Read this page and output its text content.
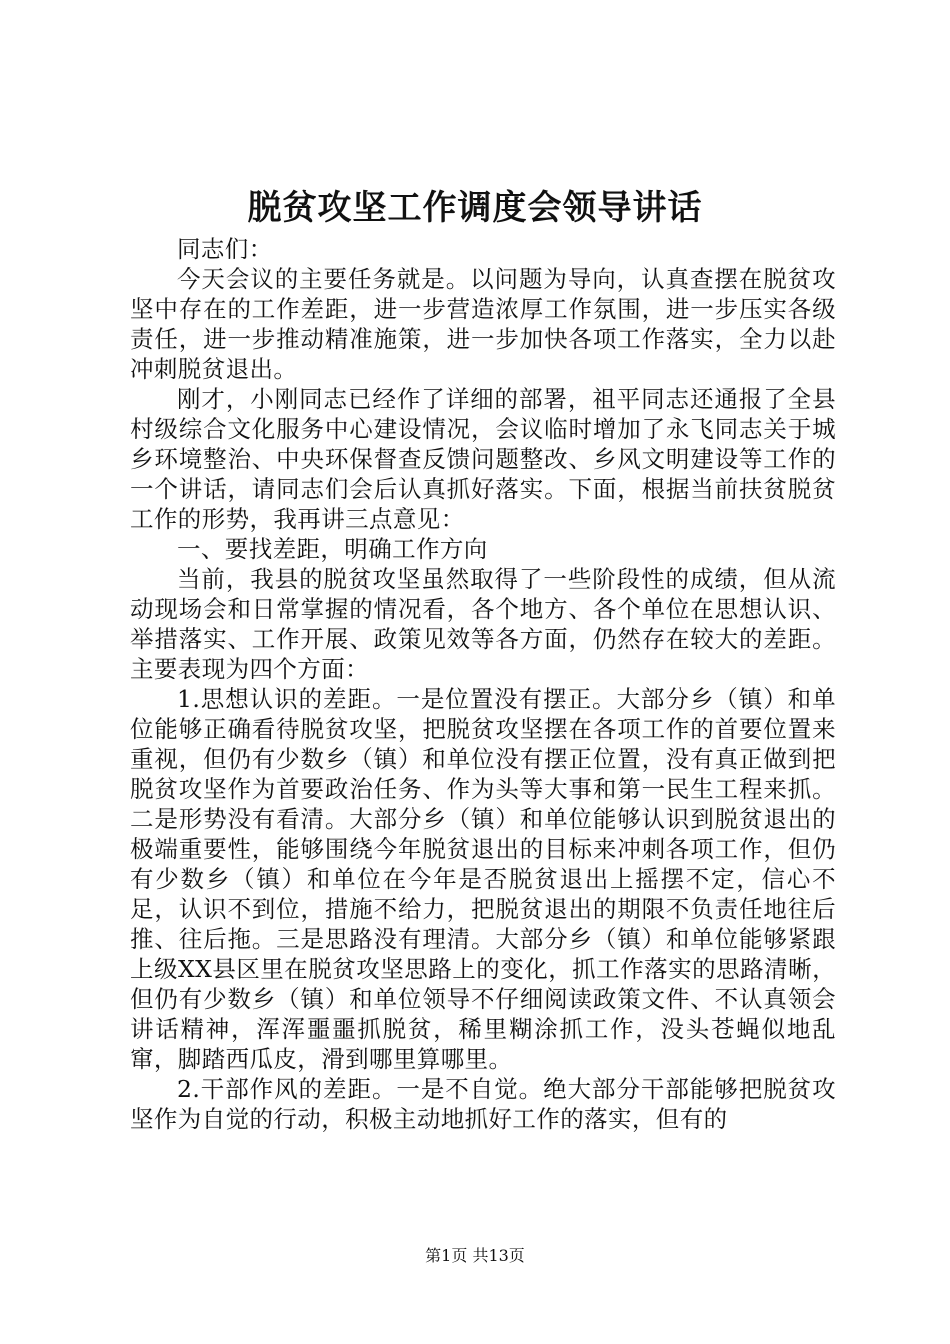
脱贫攻坚工作调度会领导讲话

同志们：

今天会议的主要任务就是。以问题为导向，认真查摆在脱贫攻坚中存在的工作差距，进一步营造浓厚工作氛围，进一步压实各级责任，进一步推动精准施策，进一步加快各项工作落实，全力以赴冲刺脱贫退出。

刚才，小刚同志已经作了详细的部署，祖平同志还通报了全县村级综合文化服务中心建设情况，会议临时增加了永飞同志关于城乡环境整治、中央环保督查反馈问题整改、乡风文明建设等工作的一个讲话，请同志们会后认真抓好落实。下面，根据当前扶贫脱贫工作的形势，我再讲三点意见：

一、要找差距，明确工作方向

当前，我县的脱贫攻坚虽然取得了一些阶段性的成绩，但从流动现场会和日常掌握的情况看，各个地方、各个单位在思想认识、举措落实、工作开展、政策见效等各方面，仍然存在较大的差距。主要表现为四个方面：

1.思想认识的差距。一是位置没有摆正。大部分乡（镇）和单位能够正确看待脱贫攻坚，把脱贫攻坚摆在各项工作的首要位置来重视，但仍有少数乡（镇）和单位没有摆正位置，没有真正做到把脱贫攻坚作为首要政治任务、作为头等大事和第一民生工程来抓。二是形势没有看清。大部分乡（镇）和单位能够认识到脱贫退出的极端重要性，能够围绕今年脱贫退出的目标来冲刺各项工作，但仍有少数乡（镇）和单位在今年是否脱贫退出上摇摆不定，信心不足，认识不到位，措施不给力，把脱贫退出的期限不负责任地往后推、往后拖。三是思路没有理清。大部分乡（镇）和单位能够紧跟上级XX县区里在脱贫攻坚思路上的变化，抓工作落实的思路清晰，但仍有少数乡（镇）和单位领导不仔细阅读政策文件、不认真领会讲话精神，浑浑噩噩抓脱贫，稀里糊涂抓工作，没头苍蝇似地乱窜，脚踏西瓜皮，滑到哪里算哪里。

2.干部作风的差距。一是不自觉。绝大部分干部能够把脱贫攻坚作为自觉的行动，积极主动地抓好工作的落实，但有的

第1页 共13页
